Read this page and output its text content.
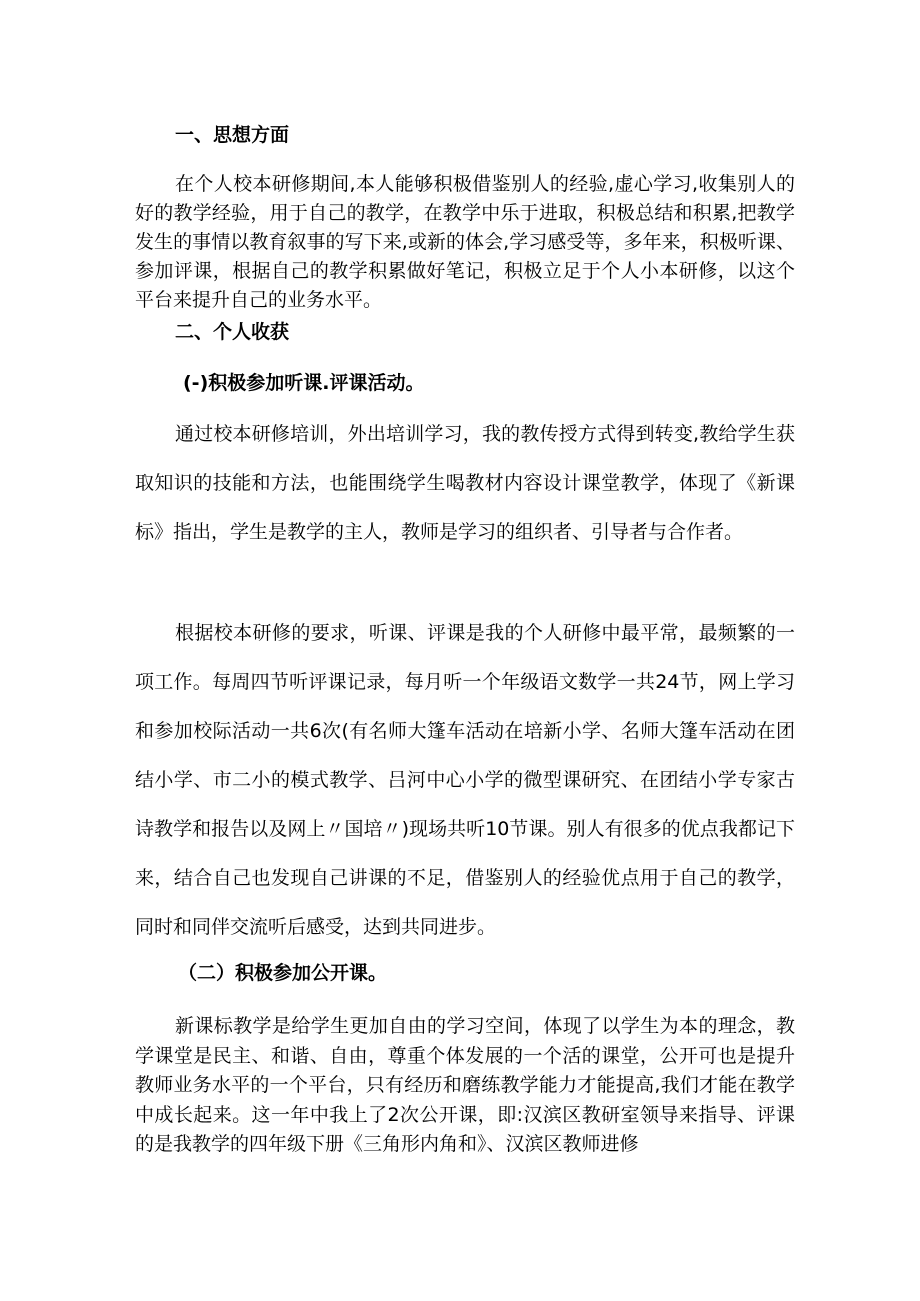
一、思想方面

在个人校本研修期间,本人能够积极借鉴别人的经验,虚心学习,收集别人的好的教学经验，用于自己的教学，在教学中乐于进取，积极总结和积累,把教学发生的事情以教育叙事的写下来,或新的体会,学习感受等，多年来，积极听课、参加评课，根据自己的教学积累做好笔记，积极立足于个人小本研修，以这个平台来提升自己的业务水平。

二、个人收获

(-)积极参加听课.评课活动。

通过校本研修培训，外出培训学习，我的教传授方式得到转变,教给学生获取知识的技能和方法，也能围绕学生喝教材内容设计课堂教学，体现了《新课标》指出，学生是教学的主人，教师是学习的组织者、引导者与合作者。

根据校本研修的要求，听课、评课是我的个人研修中最平常，最频繁的一项工作。每周四节听评课记录，每月听一个年级语文数学一共24节，网上学习和参加校际活动一共6次(有名师大篷车活动在培新小学、名师大篷车活动在团结小学、市二小的模式教学、吕河中心小学的微型课研究、在团结小学专家古诗教学和报告以及网上〃国培〃)现场共听10节课。别人有很多的优点我都记下来，结合自己也发现自己讲课的不足，借鉴别人的经验优点用于自己的教学，同时和同伴交流听后感受，达到共同进步。

（二）积极参加公开课。

新课标教学是给学生更加自由的学习空间，体现了以学生为本的理念，教学课堂是民主、和谐、自由，尊重个体发展的一个活的课堂，公开可也是提升教师业务水平的一个平台，只有经历和磨练教学能力才能提高,我们才能在教学中成长起来。这一年中我上了2次公开课，即:汉滨区教研室领导来指导、评课的是我教学的四年级下册《三角形内角和》、汉滨区教师进修
